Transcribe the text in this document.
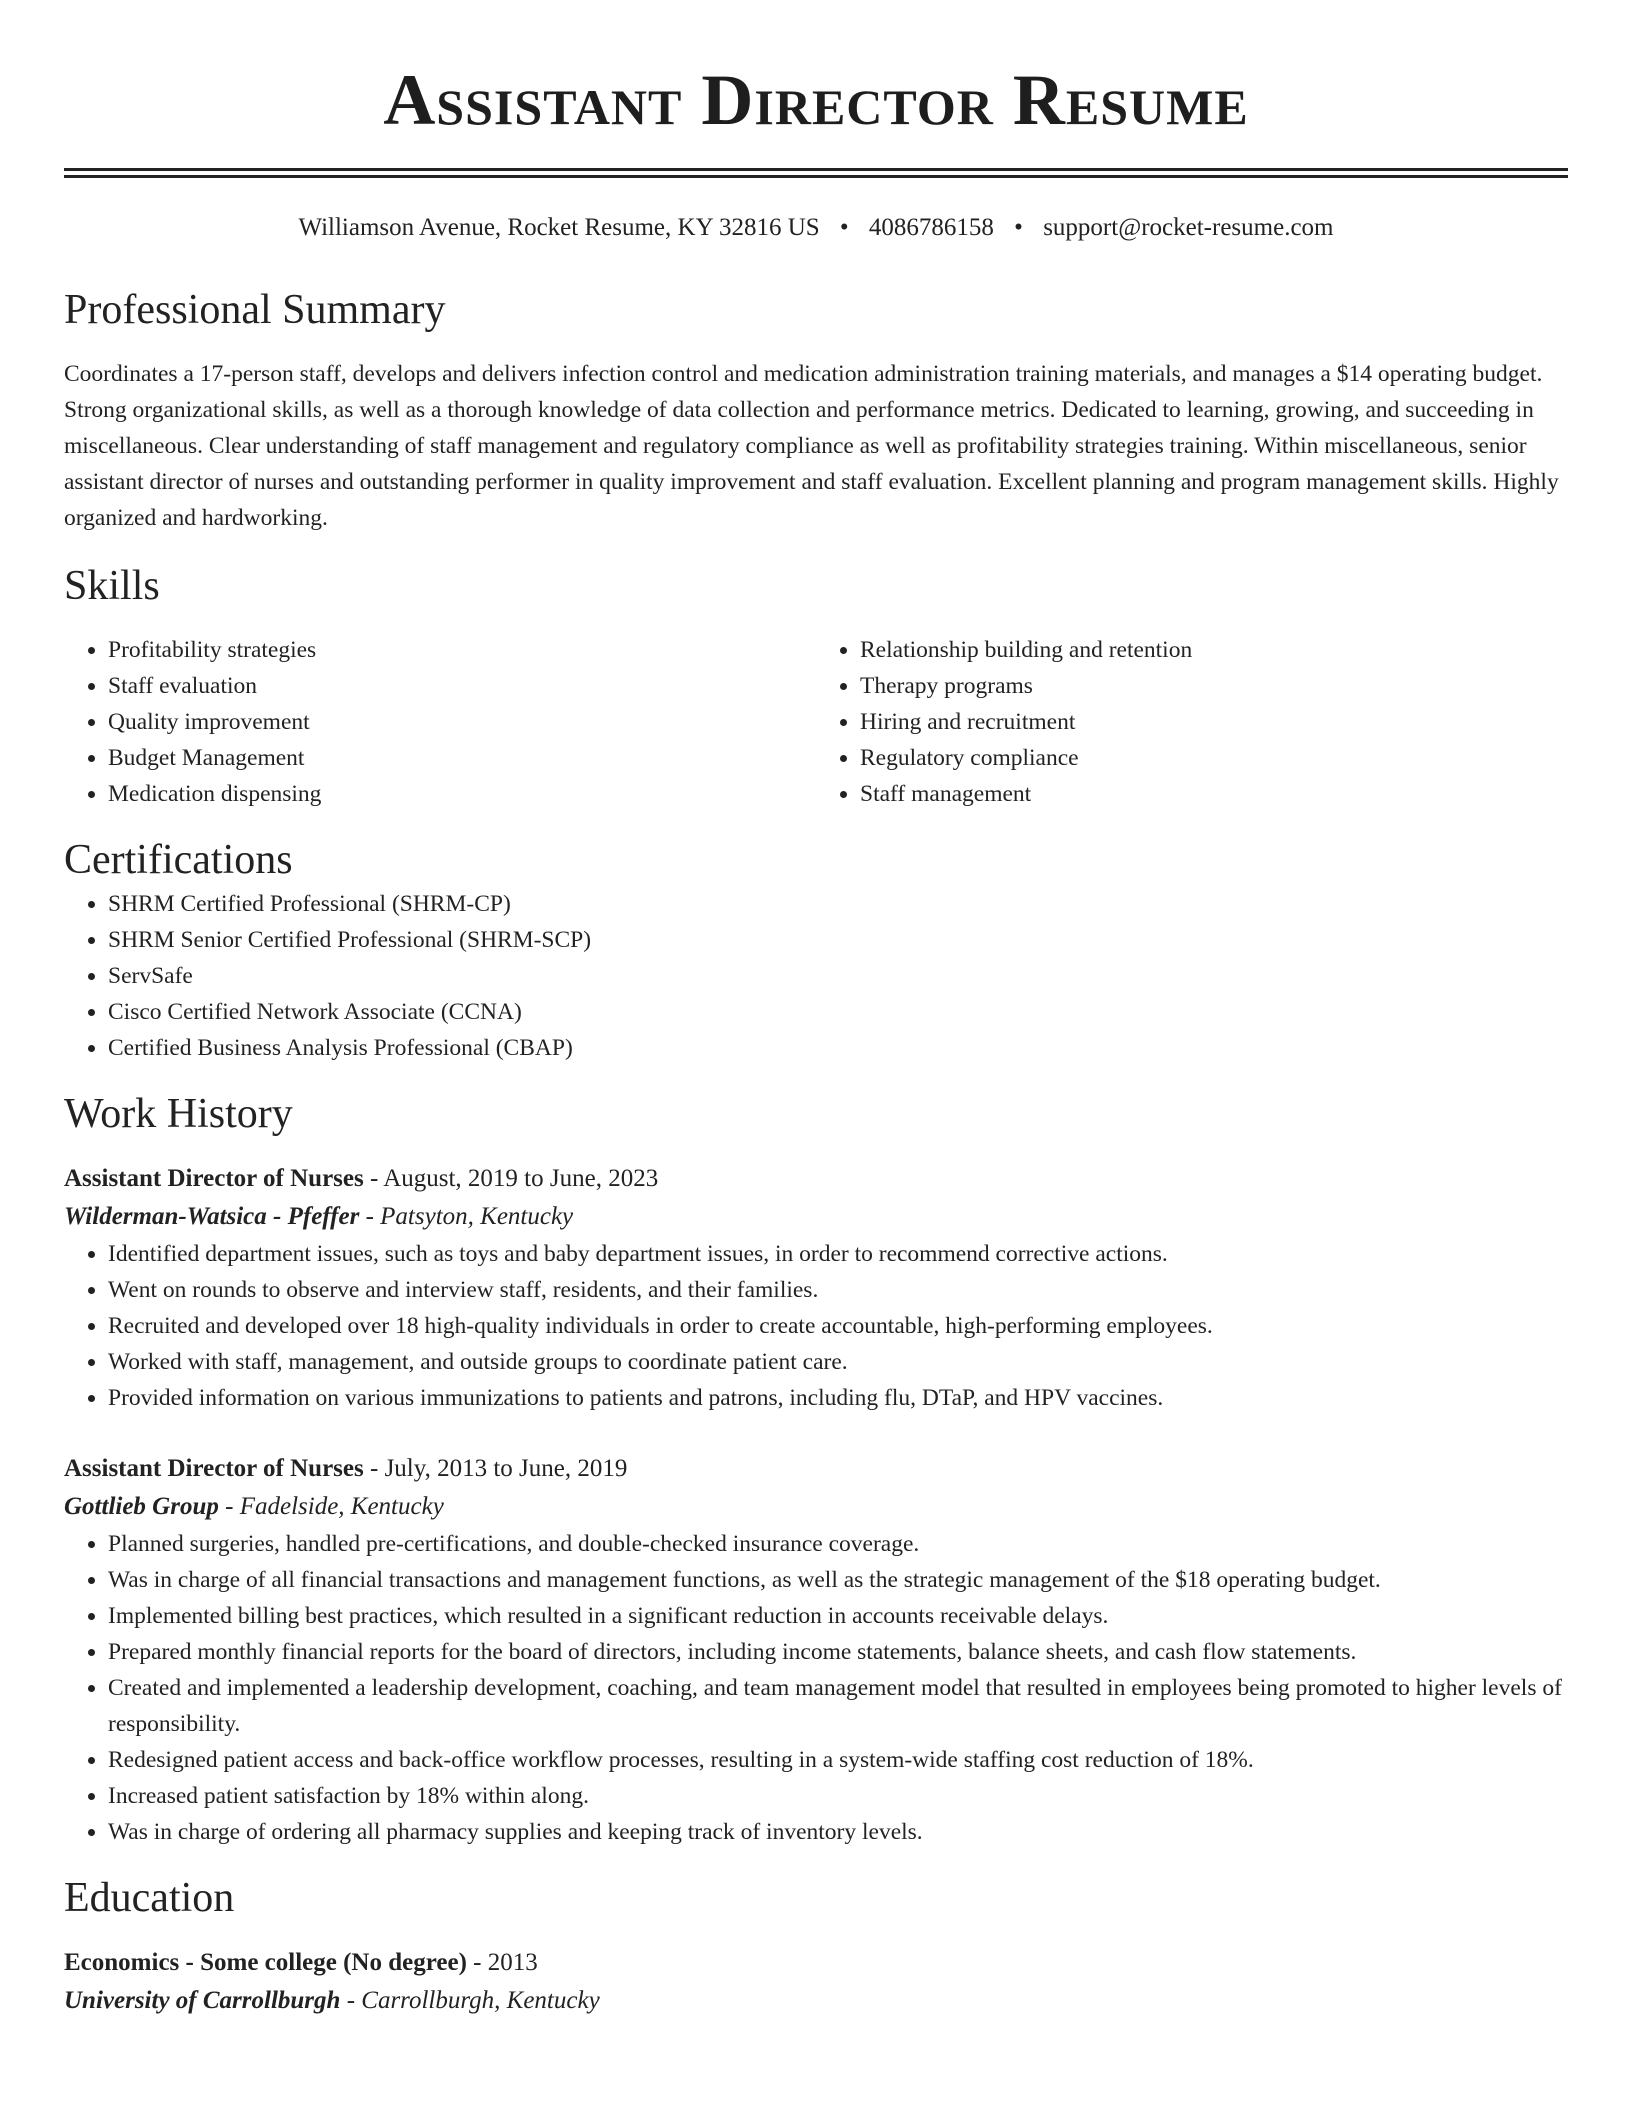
Assistant Director Resume
Williamson Avenue, Rocket Resume, KY 32816 US • 4086786158 • support@rocket-resume.com
Professional Summary

Coordinates a 17-person staff, develops and delivers infection control and medication administration training materials, and manages a $14 operating budget. Strong organizational skills, as well as a thorough knowledge of data collection and performance metrics. Dedicated to learning, growing, and succeeding in miscellaneous. Clear understanding of staff management and regulatory compliance as well as profitability strategies training. Within miscellaneous, senior assistant director of nurses and outstanding performer in quality improvement and staff evaluation. Excellent planning and program management skills. Highly organized and hardworking.

Skills
• Profitability strategies
• Staff evaluation
• Quality improvement
• Budget Management
• Medication dispensing
• Relationship building and retention
• Therapy programs
• Hiring and recruitment
• Regulatory compliance
• Staff management
Certifications
• SHRM Certified Professional (SHRM-CP)
• SHRM Senior Certified Professional (SHRM-SCP)
• ServSafe
• Cisco Certified Network Associate (CCNA)
• Certified Business Analysis Professional (CBAP)
Work History
Assistant Director of Nurses - August, 2019 to June, 2023
Wilderman-Watsica - Pfeffer - Patsyton, Kentucky
• Identified department issues, such as toys and baby department issues, in order to recommend corrective actions.
• Went on rounds to observe and interview staff, residents, and their families.
• Recruited and developed over 18 high-quality individuals in order to create accountable, high-performing employees.
• Worked with staff, management, and outside groups to coordinate patient care.
• Provided information on various immunizations to patients and patrons, including flu, DTaP, and HPV vaccines.
Assistant Director of Nurses - July, 2013 to June, 2019
Gottlieb Group - Fadelside, Kentucky
• Planned surgeries, handled pre-certifications, and double-checked insurance coverage.
• Was in charge of all financial transactions and management functions, as well as the strategic management of the $18 operating budget.
• Implemented billing best practices, which resulted in a significant reduction in accounts receivable delays.
• Prepared monthly financial reports for the board of directors, including income statements, balance sheets, and cash flow statements.
• Created and implemented a leadership development, coaching, and team management model that resulted in employees being promoted to higher levels of responsibility.
• Redesigned patient access and back-office workflow processes, resulting in a system-wide staffing cost reduction of 18%.
• Increased patient satisfaction by 18% within along.
• Was in charge of ordering all pharmacy supplies and keeping track of inventory levels.
Education
Economics - Some college (No degree) - 2013
University of Carrollburgh - Carrollburgh, Kentucky
